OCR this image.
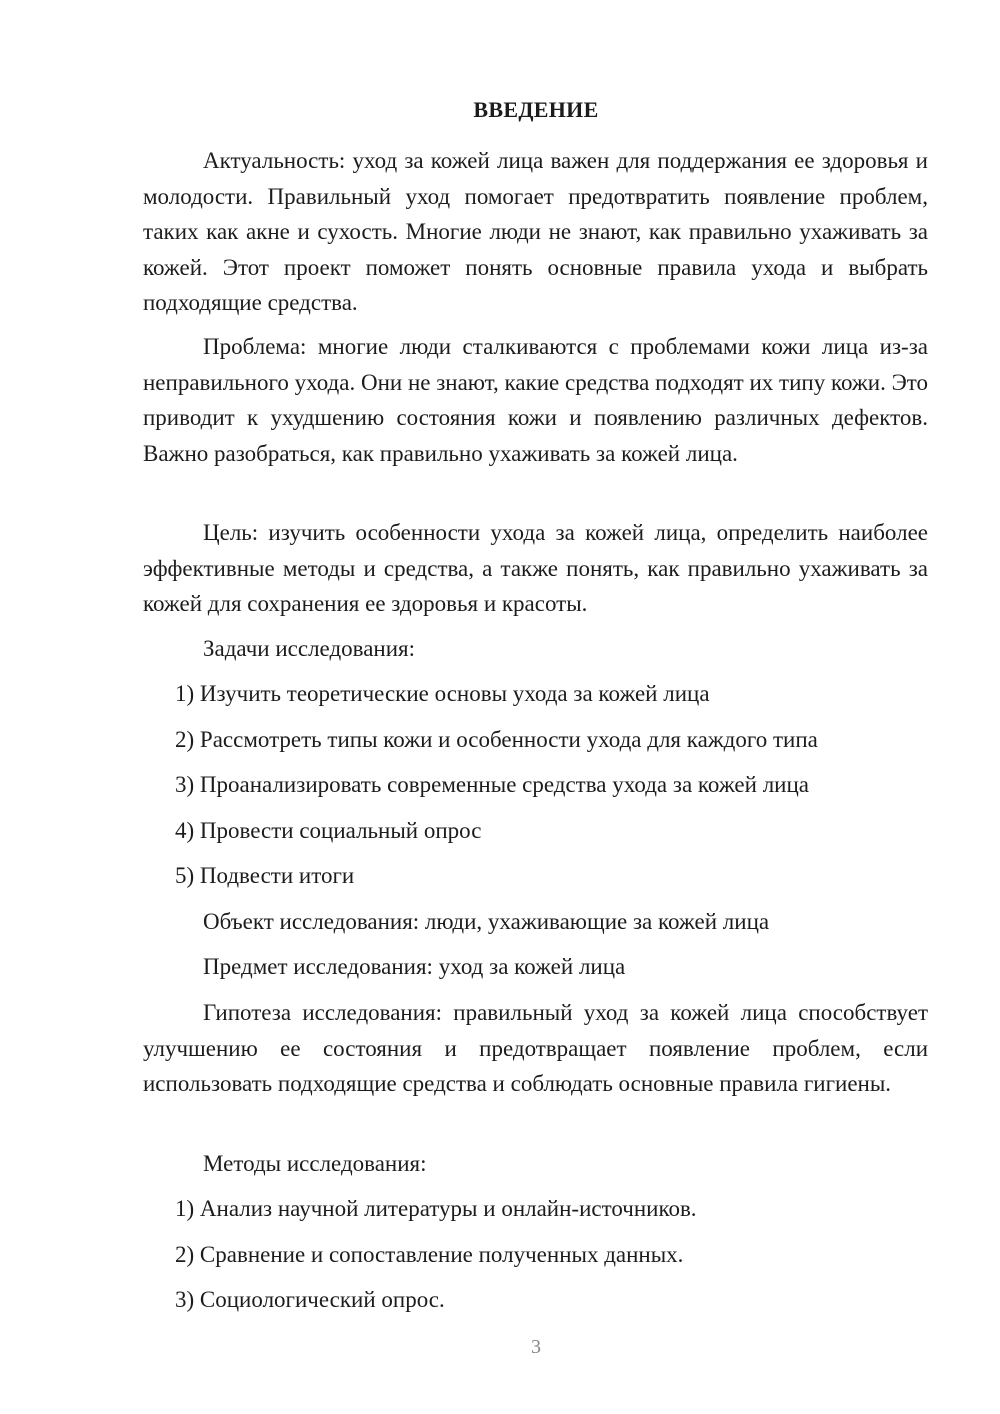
ВВЕДЕНИЕ

Актуальность: уход за кожей лица важен для поддержания ее здоровья и молодости. Правильный уход помогает предотвратить появление проблем, таких как акне и сухость. Многие люди не знают, как правильно ухаживать за кожей. Этот проект поможет понять основные правила ухода и выбрать подходящие средства.

Проблема: многие люди сталкиваются с проблемами кожи лица из-за неправильного ухода. Они не знают, какие средства подходят их типу кожи. Это приводит к ухудшению состояния кожи и появлению различных дефектов. Важно разобраться, как правильно ухаживать за кожей лица.

Цель: изучить особенности ухода за кожей лица, определить наиболее эффективные методы и средства, а также понять, как правильно ухаживать за кожей для сохранения ее здоровья и красоты.

Задачи исследования:

1) Изучить теоретические основы ухода за кожей лица

2) Рассмотреть типы кожи и особенности ухода для каждого типа

3) Проанализировать современные средства ухода за кожей лица

4) Провести социальный опрос

5) Подвести итоги

Объект исследования: люди, ухаживающие за кожей лица

Предмет исследования: уход за кожей лица

Гипотеза исследования: правильный уход за кожей лица способствует улучшению ее состояния и предотвращает появление проблем, если использовать подходящие средства и соблюдать основные правила гигиены.

Методы исследования:

1) Анализ научной литературы и онлайн-источников.

2) Сравнение и сопоставление полученных данных.

3) Социологический опрос.

3
